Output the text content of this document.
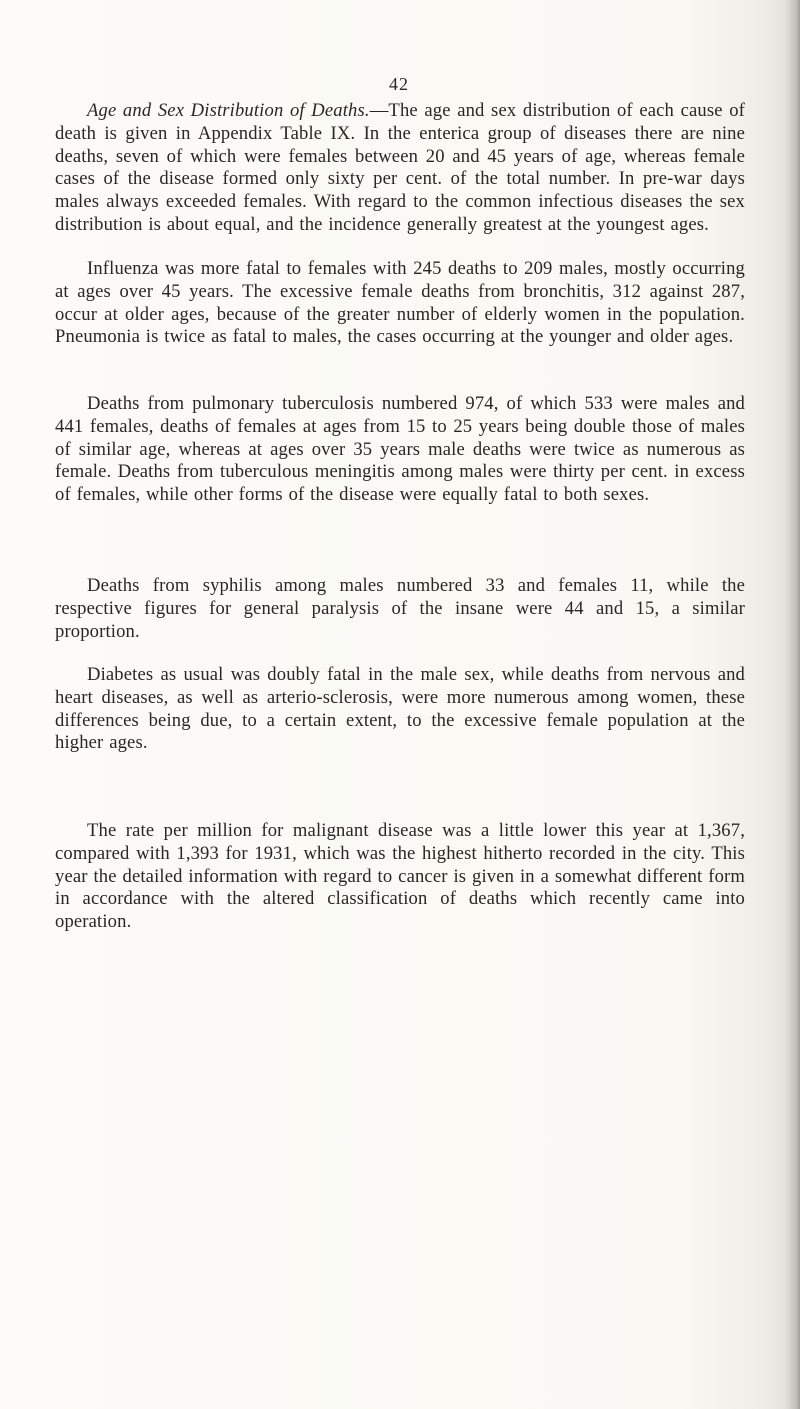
42

Age and Sex Distribution of Deaths.—The age and sex distribution of each cause of death is given in Appendix Table IX. In the enterica group of diseases there are nine deaths, seven of which were females between 20 and 45 years of age, whereas female cases of the disease formed only sixty per cent. of the total number. In pre-war days males always exceeded females. With regard to the common infectious diseases the sex distribution is about equal, and the incidence generally greatest at the youngest ages.

Influenza was more fatal to females with 245 deaths to 209 males, mostly occurring at ages over 45 years. The excessive female deaths from bronchitis, 312 against 287, occur at older ages, because of the greater number of elderly women in the population. Pneumonia is twice as fatal to males, the cases occurring at the younger and older ages.

Deaths from pulmonary tuberculosis numbered 974, of which 533 were males and 441 females, deaths of females at ages from 15 to 25 years being double those of males of similar age, whereas at ages over 35 years male deaths were twice as numerous as female. Deaths from tuberculous meningitis among males were thirty per cent. in excess of females, while other forms of the disease were equally fatal to both sexes.

Deaths from syphilis among males numbered 33 and females 11, while the respective figures for general paralysis of the insane were 44 and 15, a similar proportion.

Diabetes as usual was doubly fatal in the male sex, while deaths from nervous and heart diseases, as well as arterio-sclerosis, were more numerous among women, these differences being due, to a certain extent, to the excessive female population at the higher ages.

The rate per million for malignant disease was a little lower this year at 1,367, compared with 1,393 for 1931, which was the highest hitherto recorded in the city. This year the detailed information with regard to cancer is given in a somewhat different form in accordance with the altered classification of deaths which recently came into operation.
